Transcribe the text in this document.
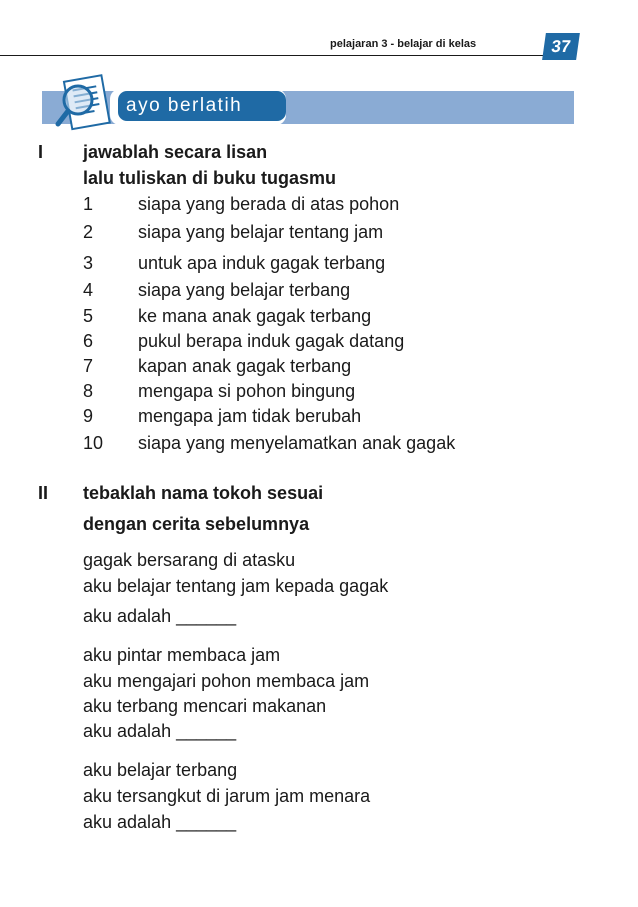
pelajaran 3 - belajar di kelas	37
ayo berlatih
I jawablah secara lisan
lalu tuliskan di buku tugasmu
1 siapa yang berada di atas pohon
2 siapa yang belajar tentang jam
3 untuk apa induk gagak terbang
4 siapa yang belajar terbang
5 ke mana anak gagak terbang
6 pukul berapa induk gagak datang
7 kapan anak gagak terbang
8 mengapa si pohon bingung
9 mengapa jam tidak berubah
10 siapa yang menyelamatkan anak gagak
II tebaklah nama tokoh sesuai
dengan cerita sebelumnya
gagak bersarang di atasku
aku belajar tentang jam kepada gagak
aku adalah ______
aku pintar membaca jam
aku mengajari pohon membaca jam
aku terbang mencari makanan
aku adalah ______
aku belajar terbang
aku tersangkut di jarum jam menara
aku adalah ______
